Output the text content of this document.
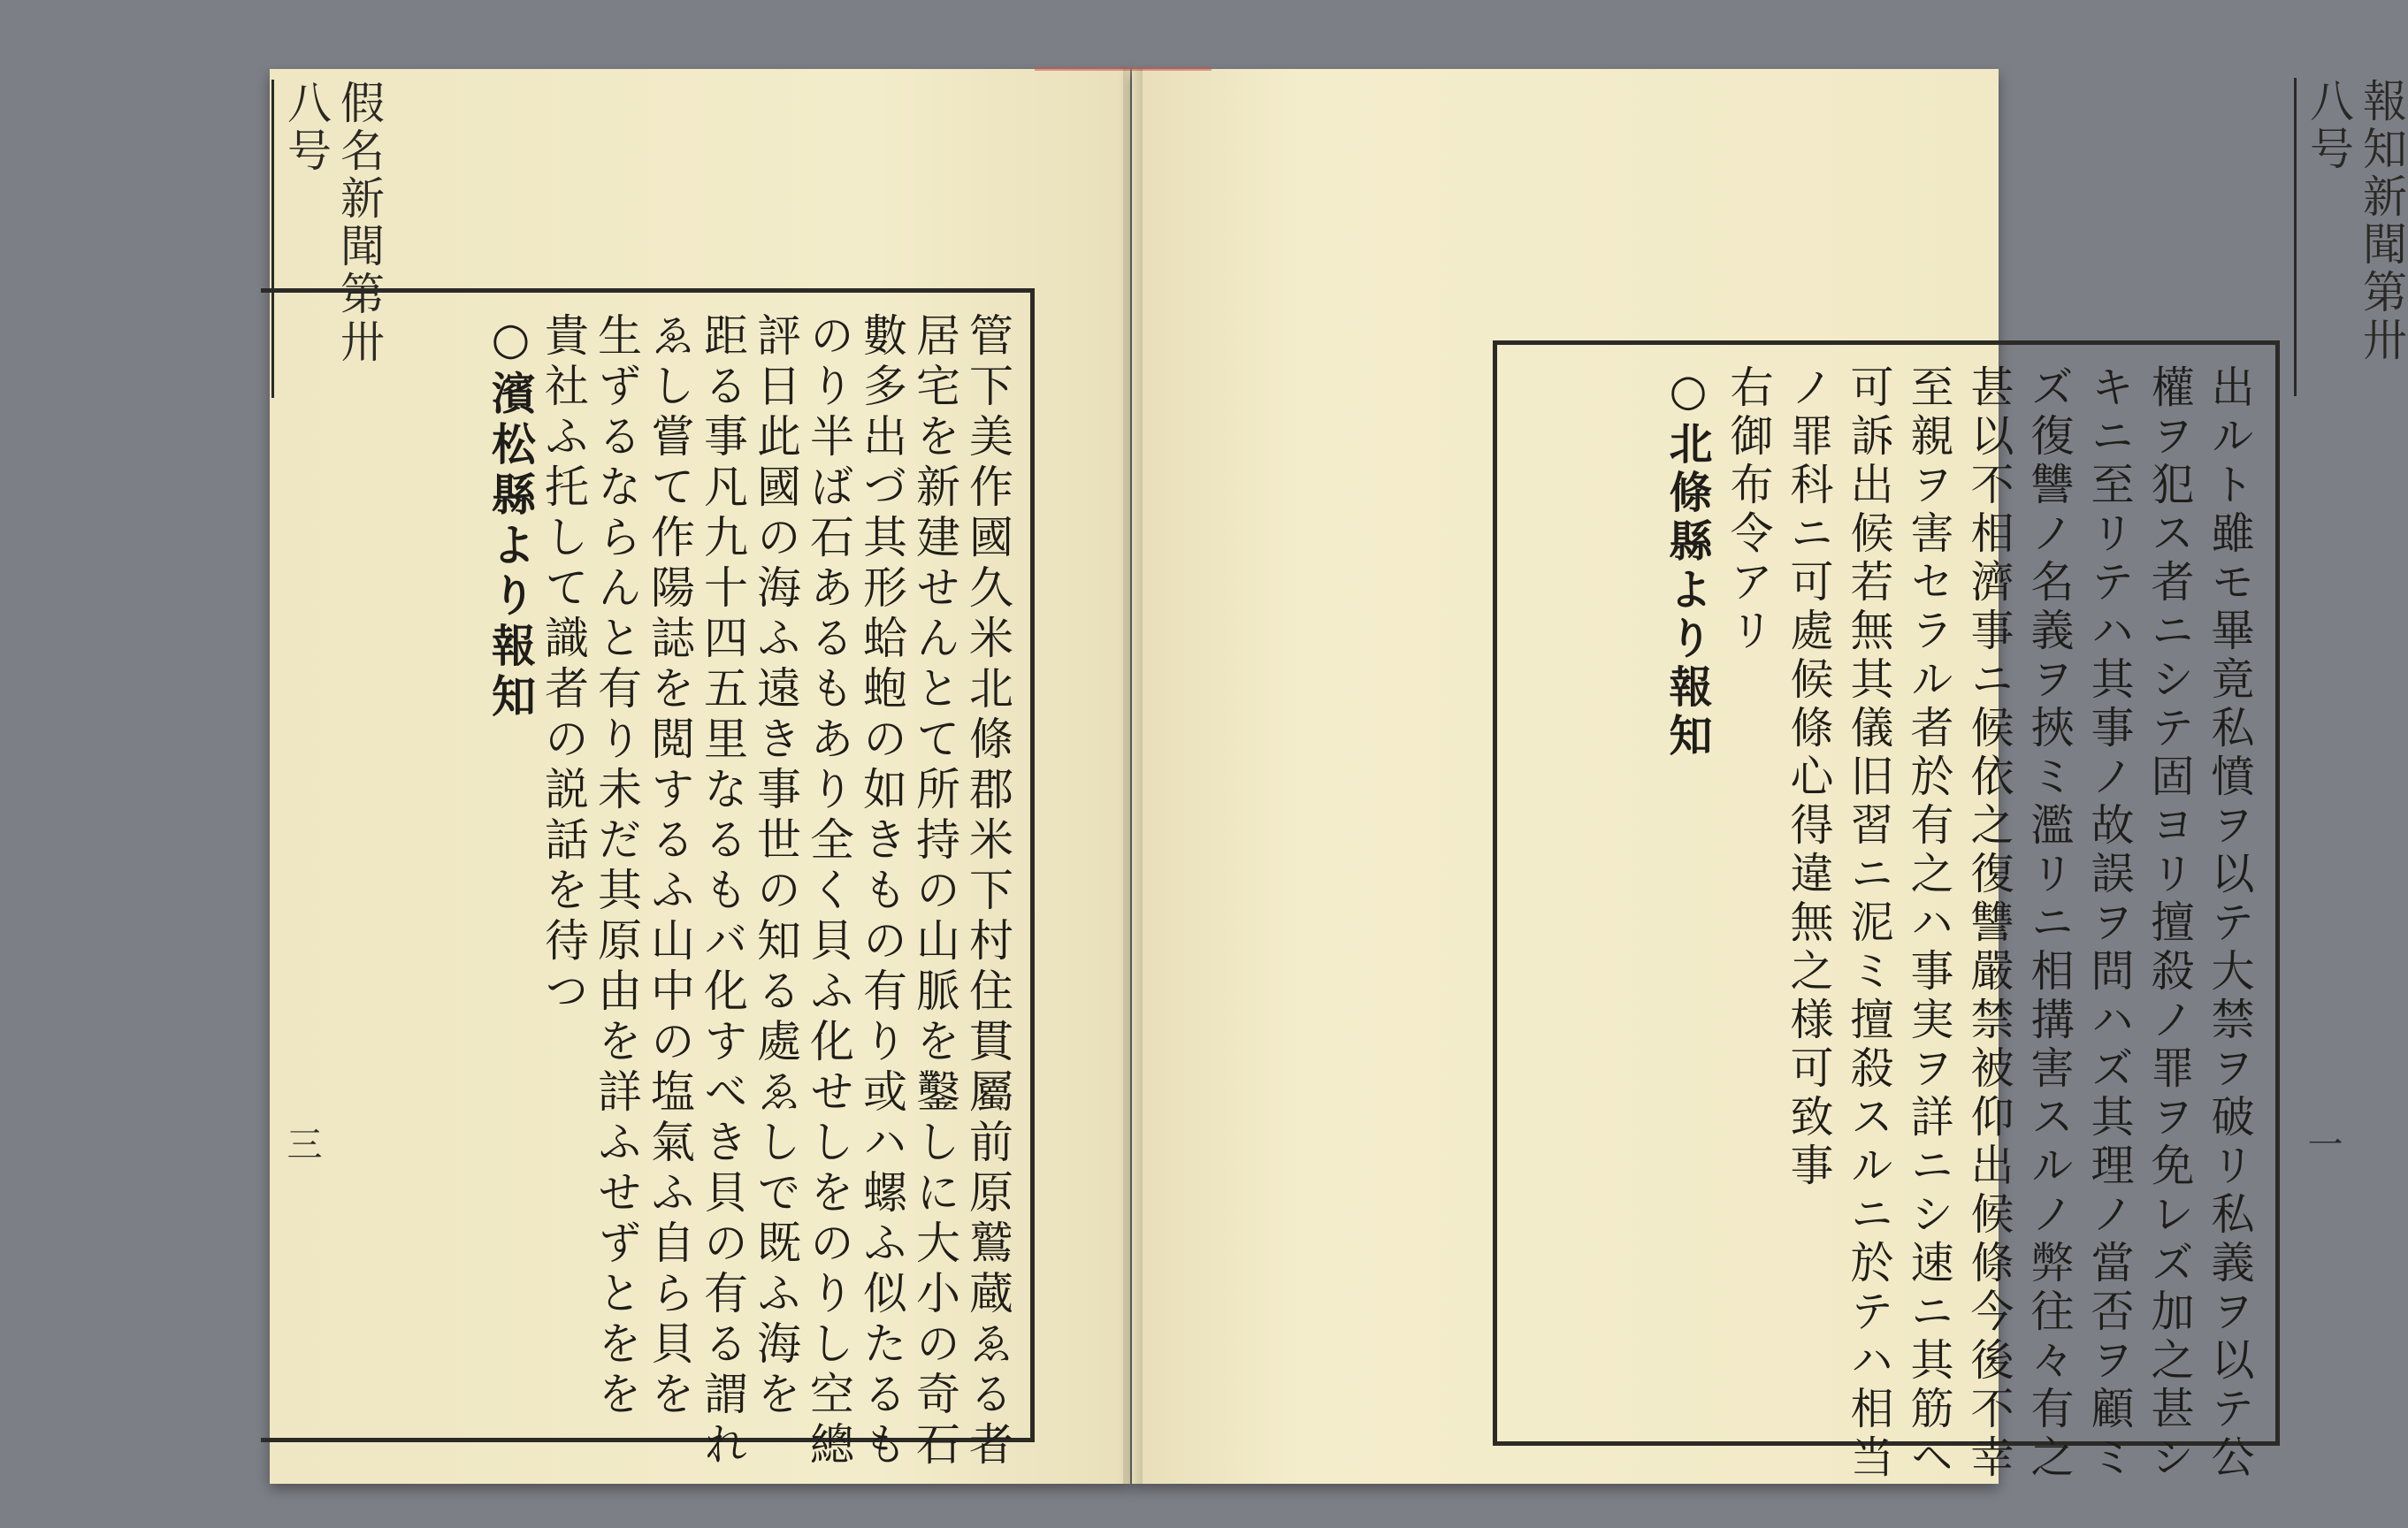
假名新聞第卅八号
三	管下美作國久米北條郡米下村住貫屬前原鷲蔵ゑる者
居宅を新建せんとて所持の山脈を鑿しに大小の奇石
數多出づ其形蛤蚫の如きもの有り或ハ螺ふ似たるも
のり半ば石あるもあり全く貝ふ化せしをのりし空總
評日此國の海ふ遠き事世の知る處ゑしで既ふ海を
距る事凡九十四五里なるもバ化すべき貝の有る謂れ
ゑし嘗て作陽誌を閲するふ山中の塩氣ふ自ら貝を
生ずるならんと有り未だ其原由を詳ふせずとをを
貴社ふ托して識者の説話を待つ
○濱松縣より報知
報知新聞第卅八号
一
出ルト雖モ畢竟私憤ヲ以テ大禁ヲ破リ私義ヲ以テ公
權ヲ犯ス者ニシテ固ヨリ擅殺ノ罪ヲ免レズ加之甚シ
キニ至リテハ其事ノ故誤ヲ問ハズ其理ノ當否ヲ顧ミ
ズ復讐ノ名義ヲ挾ミ濫リニ相搆害スルノ弊往々有之
甚以不相濟事ニ候依之復讐嚴禁被仰出候條今後不幸
至親ヲ害セラル者於有之ハ事実ヲ詳ニシ速ニ其筋ヘ
可訴出候若無其儀旧習ニ泥ミ擅殺スルニ於テハ相当
ノ罪科ニ可處候條心得違無之様可致事
右御布令アリ
○北條縣より報知
